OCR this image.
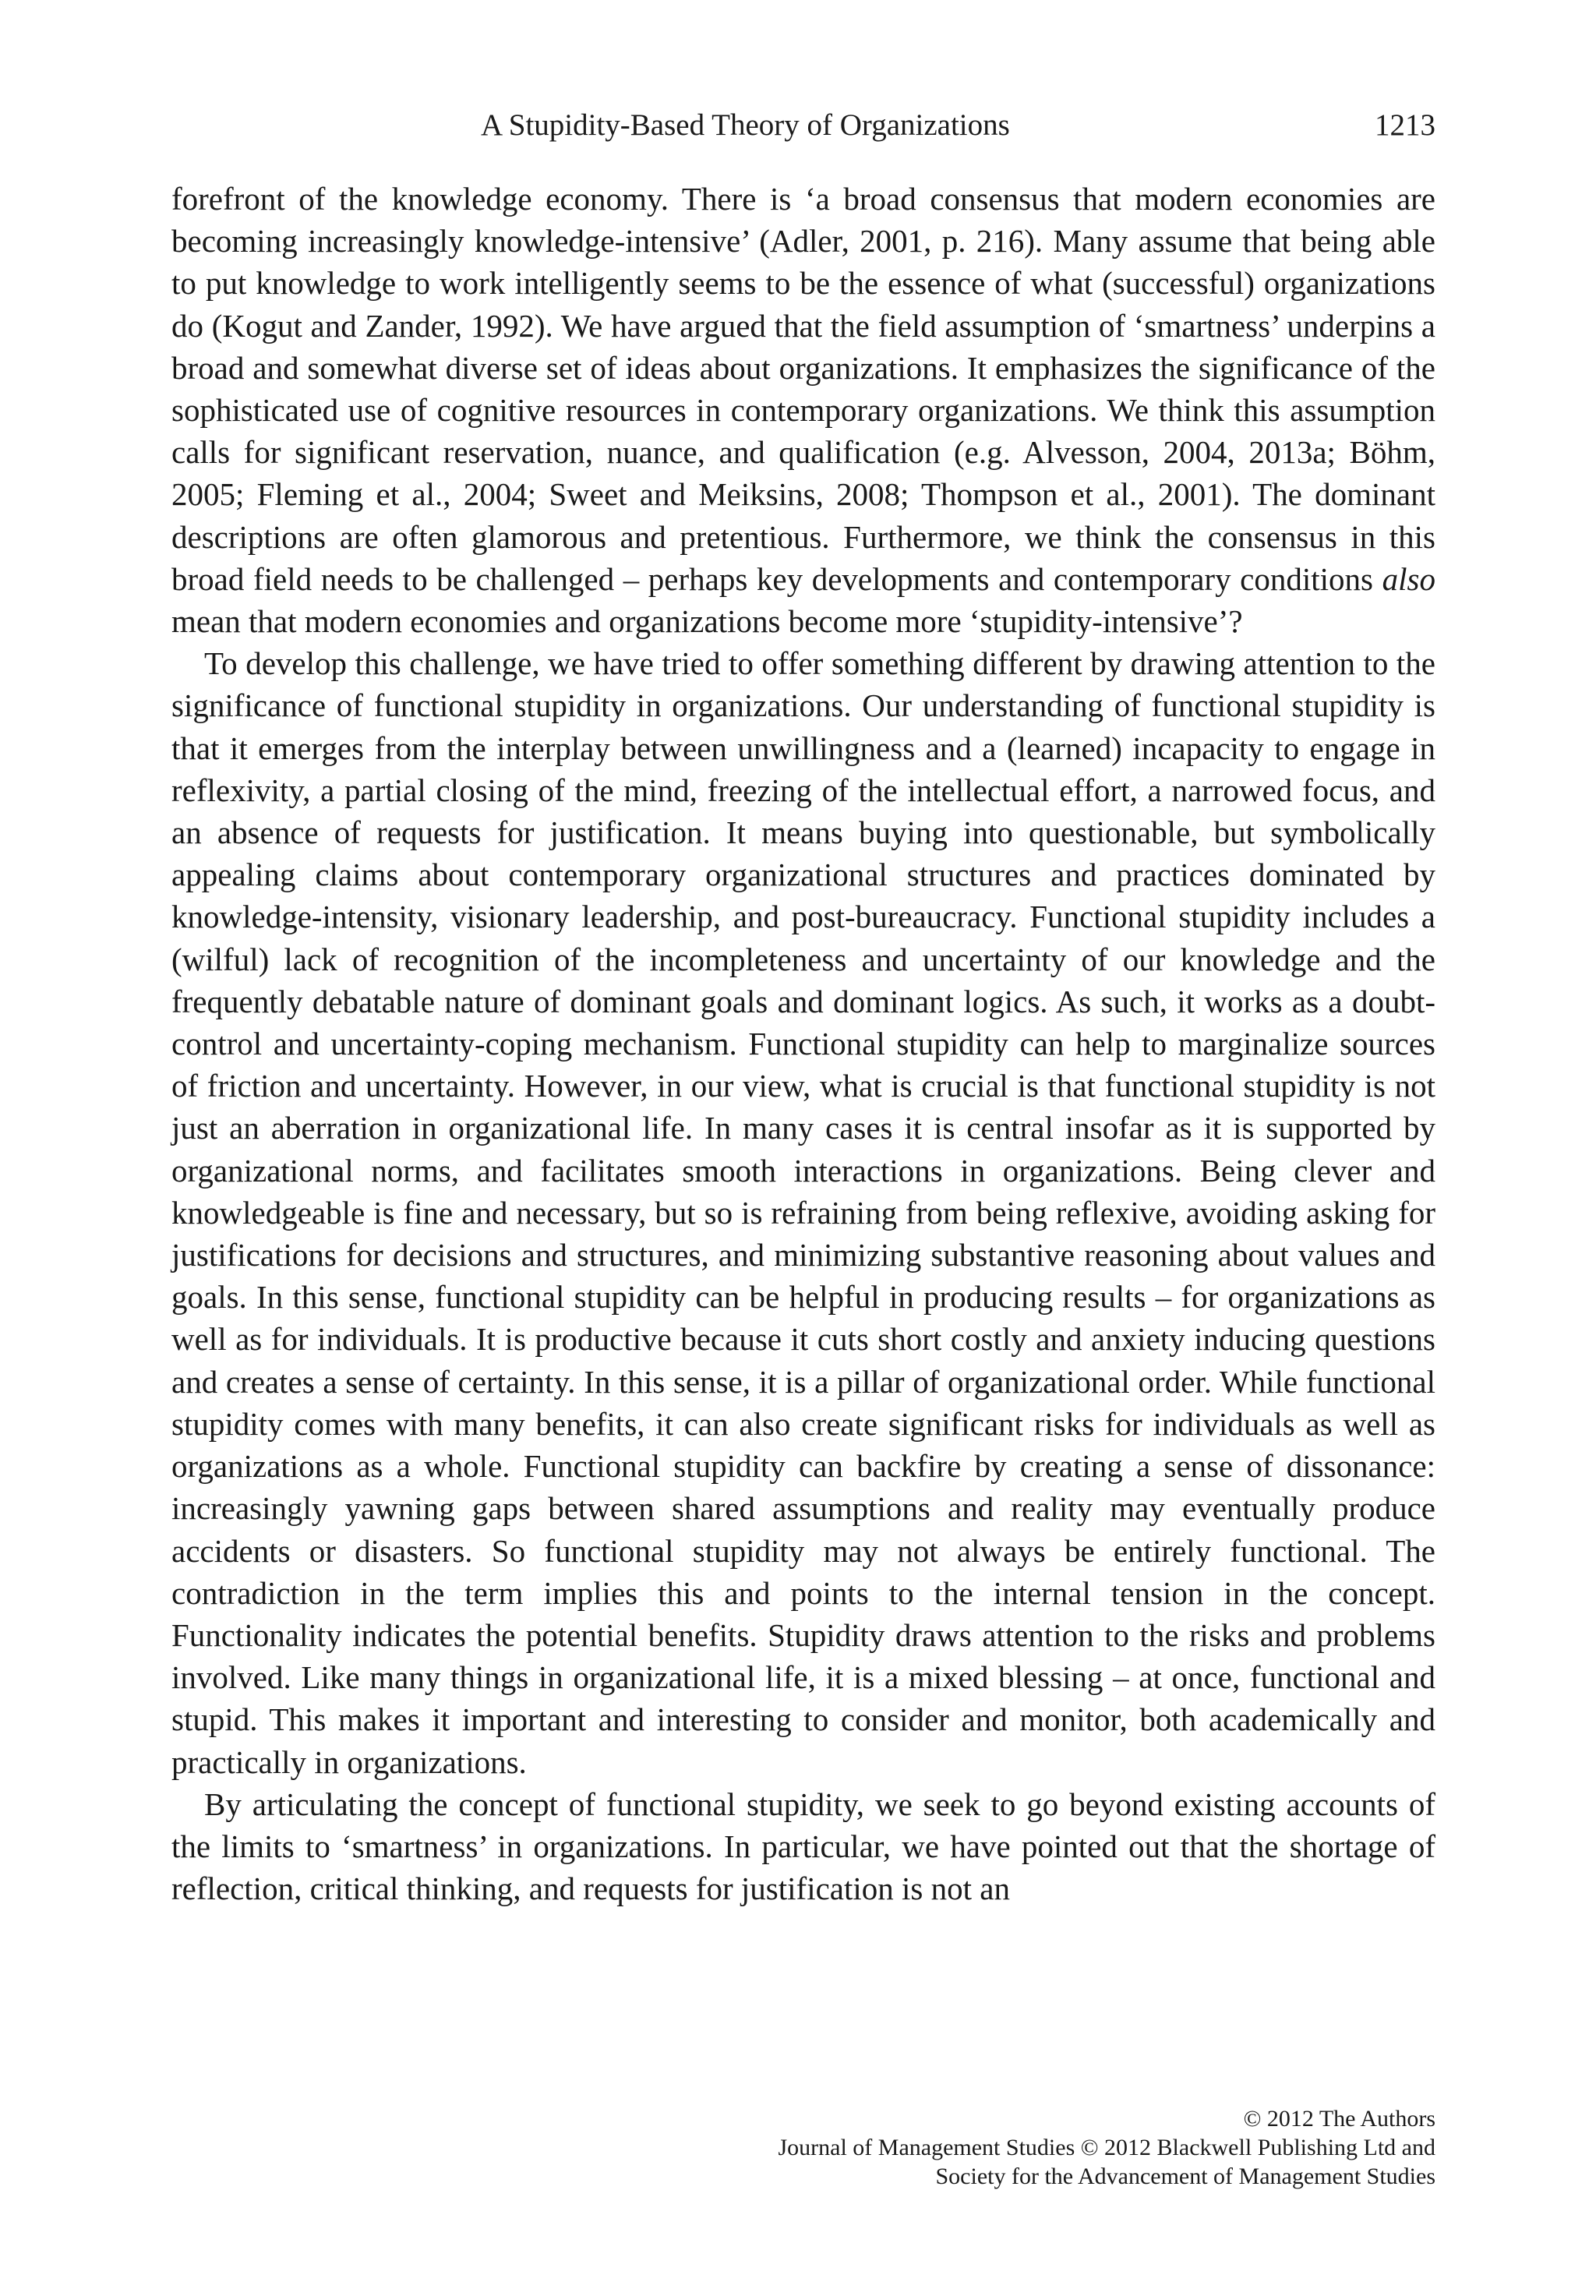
A Stupidity-Based Theory of Organizations	1213

forefront of the knowledge economy. There is ‘a broad consensus that modern economies are becoming increasingly knowledge-intensive’ (Adler, 2001, p. 216). Many assume that being able to put knowledge to work intelligently seems to be the essence of what (successful) organizations do (Kogut and Zander, 1992). We have argued that the field assumption of ‘smartness’ underpins a broad and somewhat diverse set of ideas about organizations. It emphasizes the significance of the sophisticated use of cognitive resources in contemporary organizations. We think this assumption calls for significant reservation, nuance, and qualification (e.g. Alvesson, 2004, 2013a; Böhm, 2005; Fleming et al., 2004; Sweet and Meiksins, 2008; Thompson et al., 2001). The dominant descriptions are often glamorous and pretentious. Furthermore, we think the consensus in this broad field needs to be challenged – perhaps key developments and contemporary conditions also mean that modern economies and organizations become more ‘stupidity-intensive’?

To develop this challenge, we have tried to offer something different by drawing attention to the significance of functional stupidity in organizations. Our understanding of functional stupidity is that it emerges from the interplay between unwillingness and a (learned) incapacity to engage in reflexivity, a partial closing of the mind, freezing of the intellectual effort, a narrowed focus, and an absence of requests for justification. It means buying into questionable, but symbolically appealing claims about contemporary organizational structures and practices dominated by knowledge-intensity, visionary leadership, and post-bureaucracy. Functional stupidity includes a (wilful) lack of recognition of the incompleteness and uncertainty of our knowledge and the frequently debatable nature of dominant goals and dominant logics. As such, it works as a doubt-control and uncertainty-coping mechanism. Functional stupidity can help to marginalize sources of friction and uncertainty. However, in our view, what is crucial is that functional stupidity is not just an aberration in organizational life. In many cases it is central insofar as it is supported by organizational norms, and facilitates smooth interactions in organizations. Being clever and knowledgeable is fine and necessary, but so is refraining from being reflexive, avoiding asking for justifications for decisions and structures, and minimizing substantive reasoning about values and goals. In this sense, functional stupidity can be helpful in producing results – for organizations as well as for individuals. It is productive because it cuts short costly and anxiety inducing questions and creates a sense of certainty. In this sense, it is a pillar of organizational order. While functional stupidity comes with many benefits, it can also create significant risks for individuals as well as organizations as a whole. Functional stupidity can backfire by creating a sense of dissonance: increasingly yawning gaps between shared assumptions and reality may eventually produce accidents or disasters. So functional stupidity may not always be entirely functional. The contradiction in the term implies this and points to the internal tension in the concept. Functionality indicates the potential benefits. Stupidity draws attention to the risks and problems involved. Like many things in organizational life, it is a mixed blessing – at once, functional and stupid. This makes it important and interesting to consider and monitor, both academically and practically in organizations.

By articulating the concept of functional stupidity, we seek to go beyond existing accounts of the limits to ‘smartness’ in organizations. In particular, we have pointed out that the shortage of reflection, critical thinking, and requests for justification is not an

© 2012 The Authors
Journal of Management Studies © 2012 Blackwell Publishing Ltd and
Society for the Advancement of Management Studies
